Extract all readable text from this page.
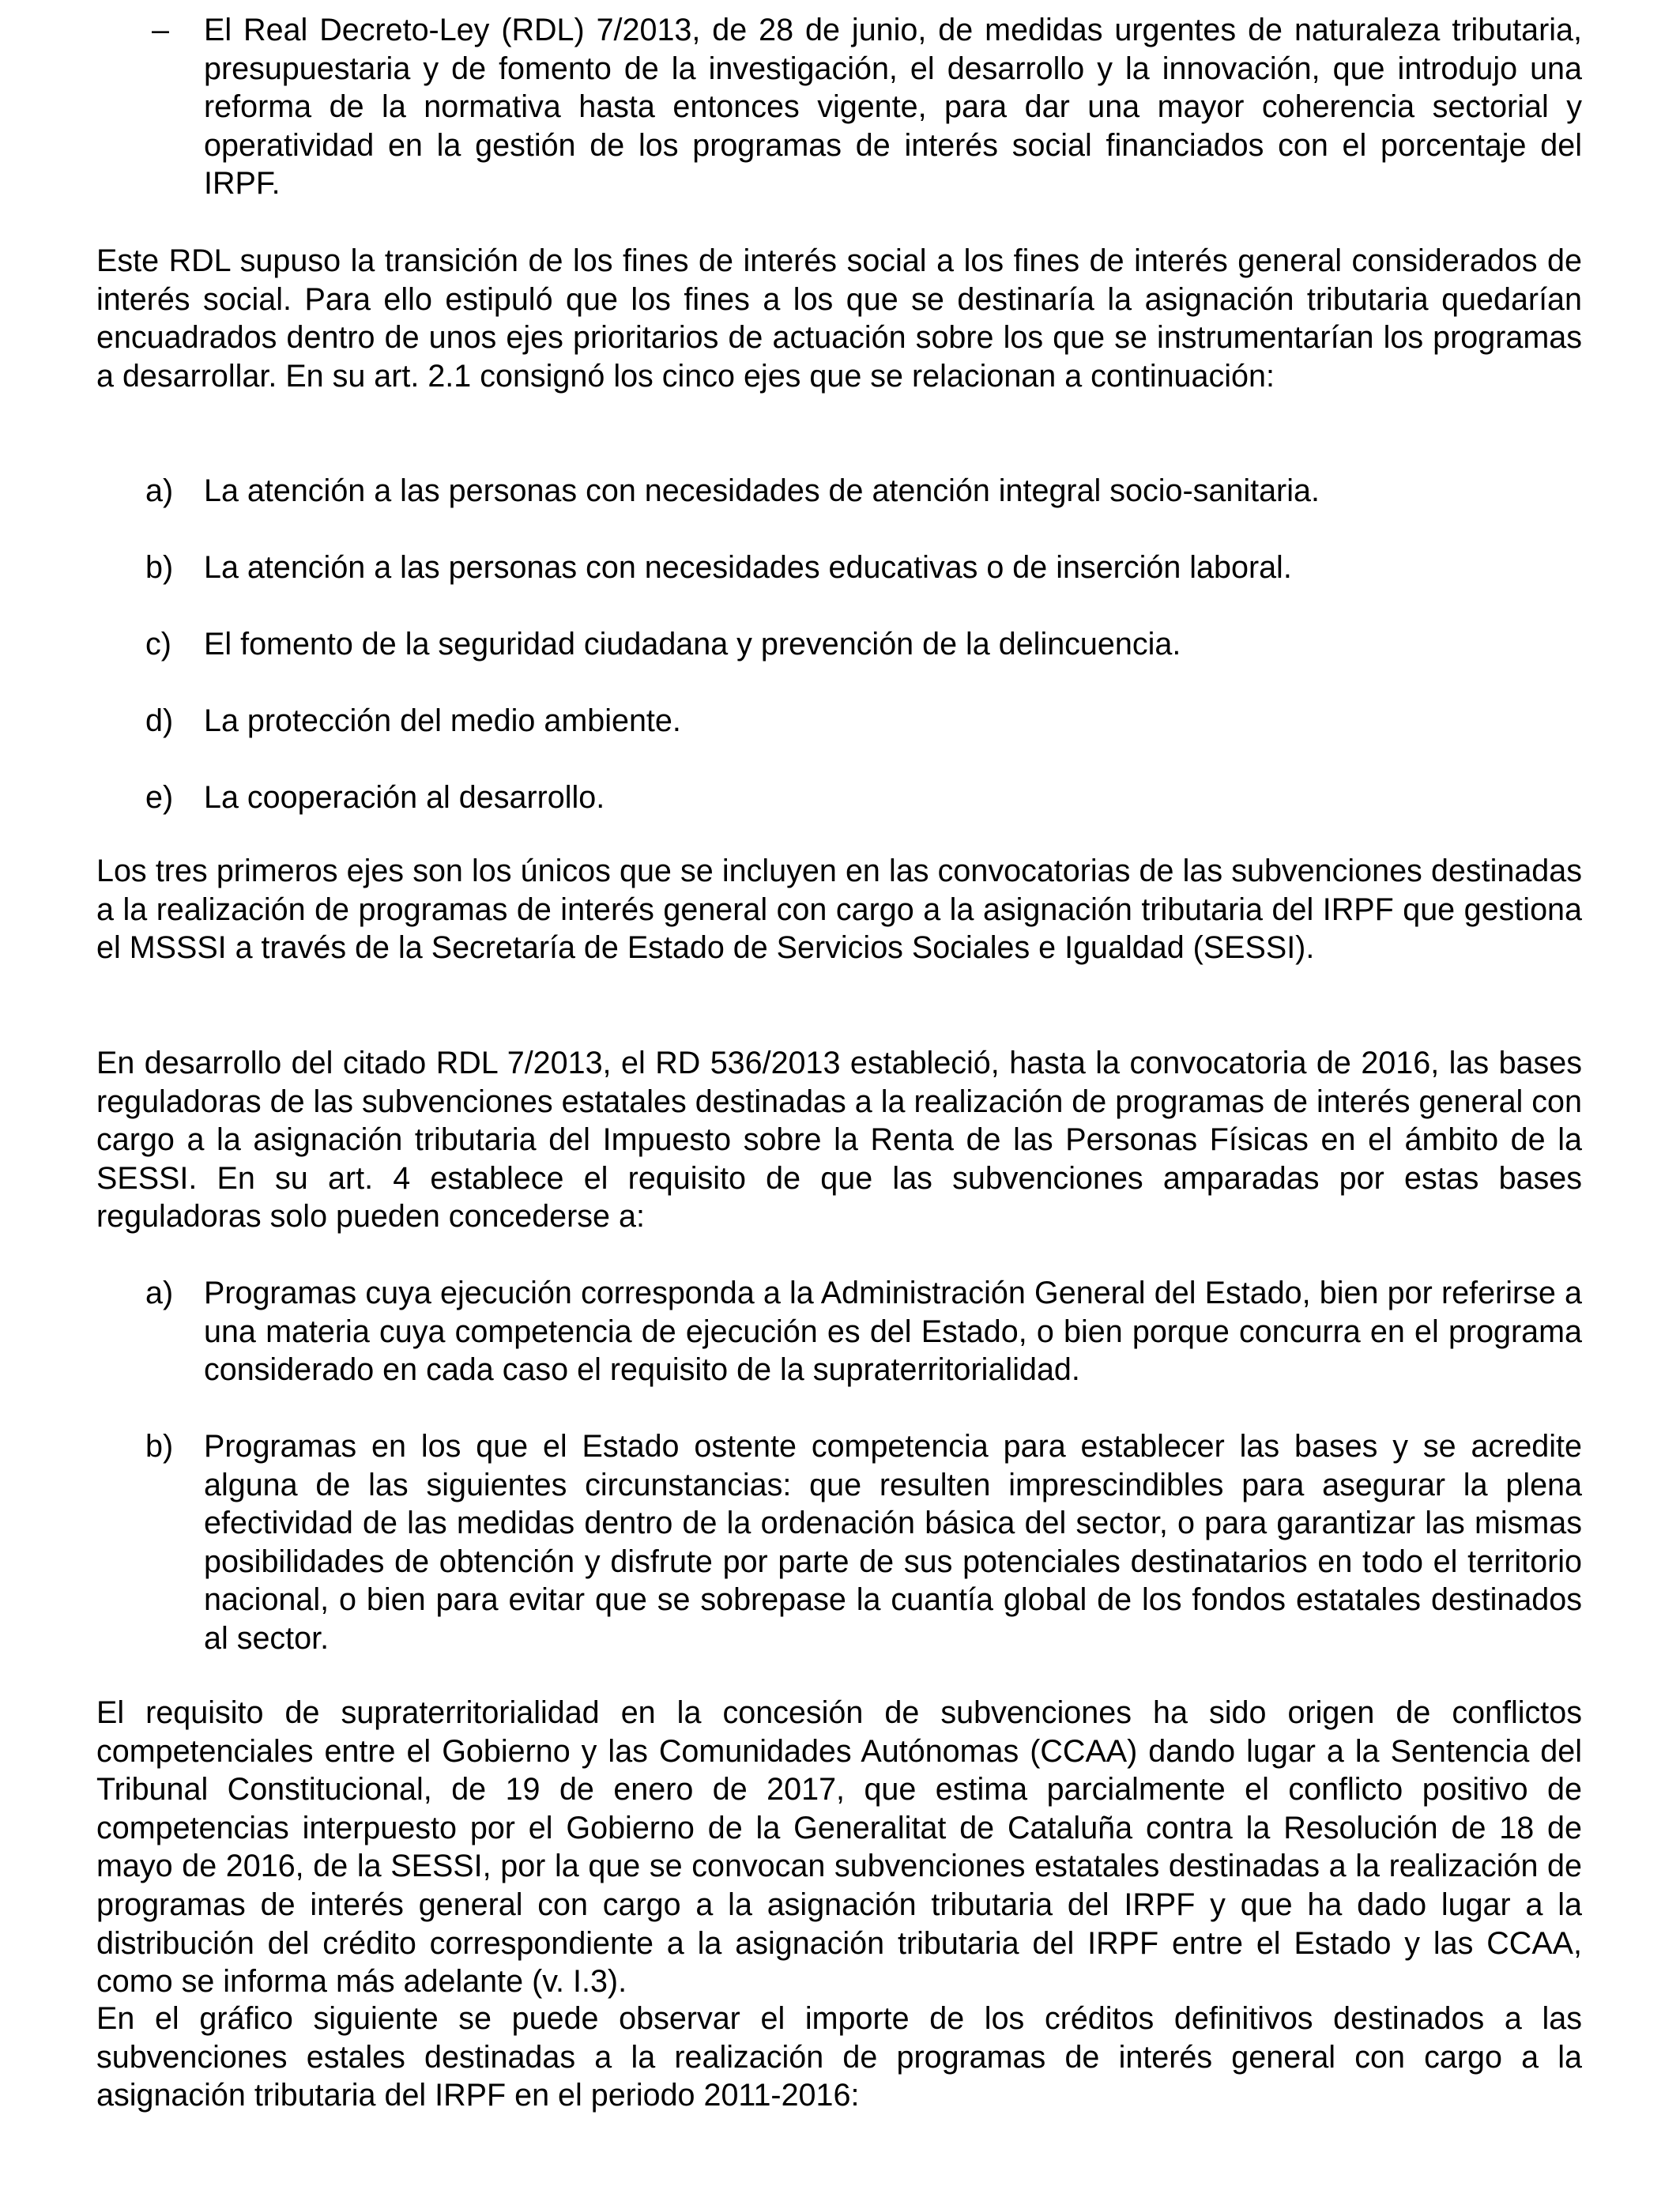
– El Real Decreto-Ley (RDL) 7/2013, de 28 de junio, de medidas urgentes de naturaleza tributaria, presupuestaria y de fomento de la investigación, el desarrollo y la innovación, que introdujo una reforma de la normativa hasta entonces vigente, para dar una mayor coherencia sectorial y operatividad en la gestión de los programas de interés social financiados con el porcentaje del IRPF.

Este RDL supuso la transición de los fines de interés social a los fines de interés general considerados de interés social. Para ello estipuló que los fines a los que se destinaría la asignación tributaria quedarían encuadrados dentro de unos ejes prioritarios de actuación sobre los que se instrumentarían los programas a desarrollar. En su art. 2.1 consignó los cinco ejes que se relacionan a continuación:

a) La atención a las personas con necesidades de atención integral socio-sanitaria.
b) La atención a las personas con necesidades educativas o de inserción laboral.
c) El fomento de la seguridad ciudadana y prevención de la delincuencia.
d) La protección del medio ambiente.
e) La cooperación al desarrollo.

Los tres primeros ejes son los únicos que se incluyen en las convocatorias de las subvenciones destinadas a la realización de programas de interés general con cargo a la asignación tributaria del IRPF que gestiona el MSSSI a través de la Secretaría de Estado de Servicios Sociales e Igualdad (SESSI).

En desarrollo del citado RDL 7/2013, el RD 536/2013 estableció, hasta la convocatoria de 2016, las bases reguladoras de las subvenciones estatales destinadas a la realización de programas de interés general con cargo a la asignación tributaria del Impuesto sobre la Renta de las Personas Físicas en el ámbito de la SESSI. En su art. 4 establece el requisito de que las subvenciones amparadas por estas bases reguladoras solo pueden concederse a:

a) Programas cuya ejecución corresponda a la Administración General del Estado, bien por referirse a una materia cuya competencia de ejecución es del Estado, o bien porque concurra en el programa considerado en cada caso el requisito de la supraterritorialidad.
b) Programas en los que el Estado ostente competencia para establecer las bases y se acredite alguna de las siguientes circunstancias: que resulten imprescindibles para asegurar la plena efectividad de las medidas dentro de la ordenación básica del sector, o para garantizar las mismas posibilidades de obtención y disfrute por parte de sus potenciales destinatarios en todo el territorio nacional, o bien para evitar que se sobrepase la cuantía global de los fondos estatales destinados al sector.

El requisito de supraterritorialidad en la concesión de subvenciones ha sido origen de conflictos competenciales entre el Gobierno y las Comunidades Autónomas (CCAA) dando lugar a la Sentencia del Tribunal Constitucional, de 19 de enero de 2017, que estima parcialmente el conflicto positivo de competencias interpuesto por el Gobierno de la Generalitat de Cataluña contra la Resolución de 18 de mayo de 2016, de la SESSI, por la que se convocan subvenciones estatales destinadas a la realización de programas de interés general con cargo a la asignación tributaria del IRPF y que ha dado lugar a la distribución del crédito correspondiente a la asignación tributaria del IRPF entre el Estado y las CCAA, como se informa más adelante (v. I.3).

En el gráfico siguiente se puede observar el importe de los créditos definitivos destinados a las subvenciones estales destinadas a la realización de programas de interés general con cargo a la asignación tributaria del IRPF en el periodo 2011-2016:
